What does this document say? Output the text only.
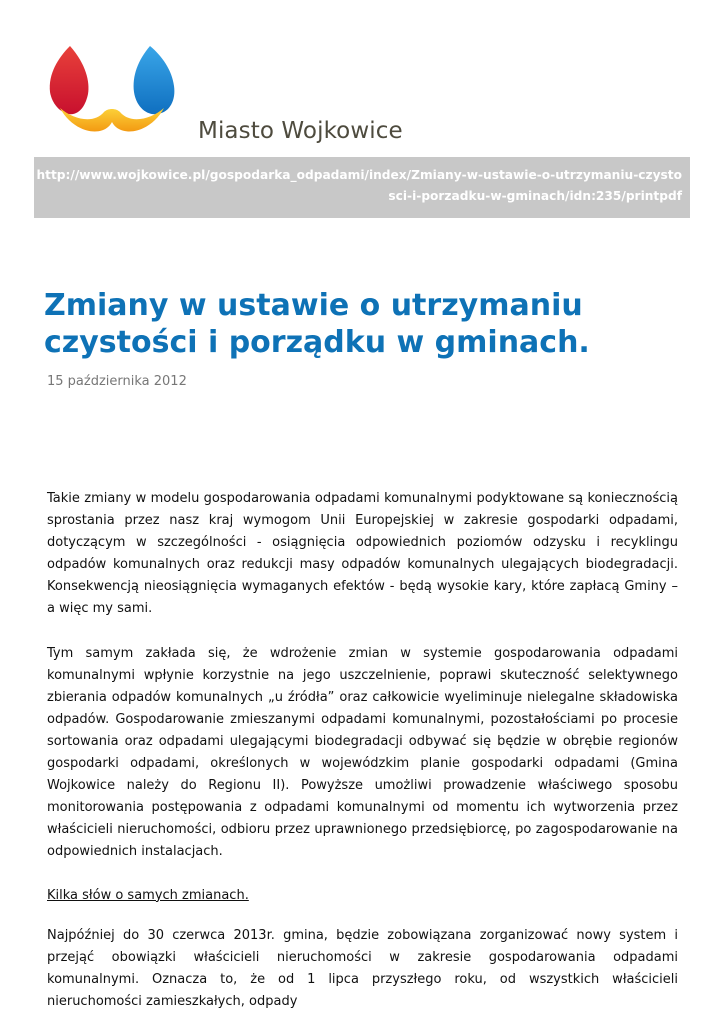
Miasto Wojkowice
http://www.wojkowice.pl/gospodarka_odpadami/index/Zmiany-w-ustawie-o-utrzymaniu-czystosci-i-porzadku-w-gminach/idn:235/printpdf
Zmiany w ustawie o utrzymaniu czystości i porządku w gminach.
15 października 2012

Takie zmiany w modelu gospodarowania odpadami komunalnymi podyktowane są koniecznością sprostania przez nasz kraj wymogom Unii Europejskiej w zakresie gospodarki odpadami, dotyczącym w szczególności - osiągnięcia odpowiednich poziomów odzysku i recyklingu odpadów komunalnych oraz redukcji masy odpadów komunalnych ulegających biodegradacji. Konsekwencją nieosiągnięcia wymaganych efektów - będą wysokie kary, które zapłacą Gminy – a więc my sami.

Tym samym zakłada się, że wdrożenie zmian w systemie gospodarowania odpadami komunalnymi wpłynie korzystnie na jego uszczelnienie, poprawi skuteczność selektywnego zbierania odpadów komunalnych „u źródła” oraz całkowicie wyeliminuje nielegalne składowiska odpadów. Gospodarowanie zmieszanymi odpadami komunalnymi, pozostałościami po procesie sortowania oraz odpadami ulegającymi biodegradacji odbywać się będzie w obrębie regionów gospodarki odpadami, określonych w wojewódzkim planie gospodarki odpadami (Gmina Wojkowice należy do Regionu II). Powyższe umożliwi prowadzenie właściwego sposobu monitorowania postępowania z odpadami komunalnymi od momentu ich wytworzenia przez właścicieli nieruchomości, odbioru przez uprawnionego przedsiębiorcę, po zagospodarowanie na odpowiednich instalacjach.

Kilka słów o samych zmianach.

Najpóźniej do 30 czerwca 2013r. gmina, będzie zobowiązana zorganizować nowy system i przejąć obowiązki właścicieli nieruchomości w zakresie gospodarowania odpadami komunalnymi. Oznacza to, że od 1 lipca przyszłego roku, od wszystkich właścicieli nieruchomości zamieszkałych, odpady
